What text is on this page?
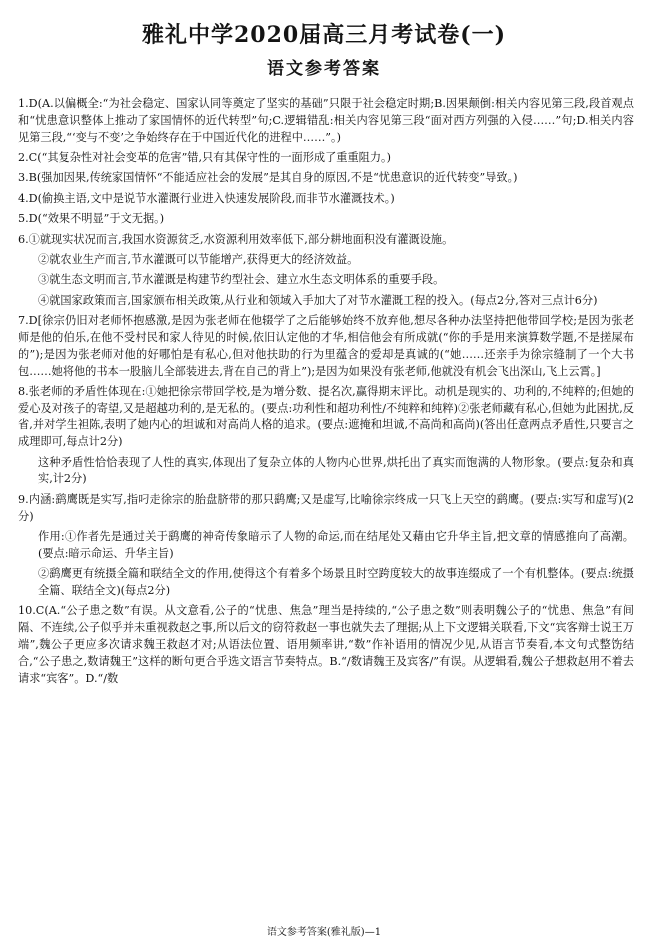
雅礼中学2020届高三月考试卷(一)
语文参考答案

1.D(A.以偏概全:“为社会稳定、国家认同等奠定了坚实的基础”只限于社会稳定时期;B.因果颠倒:相关内容见第三段,段首观点和“忧患意识整体上推动了家国情怀的近代转型”句;C.逻辑错乱:相关内容见第三段“面对西方列强的入侵……”句;D.相关内容见第三段,“‘变与不变’之争始终存在于中国近代化的进程中……”。)

2.C(“其复杂性对社会变革的危害”错,只有其保守性的一面形成了重重阻力。)

3.B(强加因果,传统家国情怀“不能适应社会的发展”是其自身的原因,不是“忧患意识的近代转变”导致。)

4.D(偷换主语,文中是说节水灌溉行业进入快速发展阶段,而非节水灌溉技术。)

5.D(“效果不明显”于文无据。)

6.①就现实状况而言,我国水资源贫乏,水资源利用效率低下,部分耕地面积没有灌溉设施。

②就农业生产而言,节水灌溉可以节能增产,获得更大的经济效益。

③就生态文明而言,节水灌溉是构建节约型社会、建立水生态文明体系的重要手段。

④就国家政策而言,国家颁布相关政策,从行业和领域入手加大了对节水灌溉工程的投入。(每点2分,答对三点计6分)

7.D[徐宗仍旧对老师怀抱感激,是因为张老师在他辍学了之后能够始终不放弃他,想尽各种办法坚持把他带回学校;是因为张老师是他的伯乐,在他不受村民和家人待见的时候,依旧认定他的才华,相信他会有所成就(“你的手是用来演算数学题,不是搓屎布的”);是因为张老师对他的好哪怕是有私心,但对他扶助的行为里蕴含的爱却是真诚的(“她……还亲手为徐宗缝制了一个大书包……她将他的书本一股脑儿全部装进去,背在自己的背上”);是因为如果没有张老师,他就没有机会飞出深山,飞上云霄。]

8.张老师的矛盾性体现在:①她把徐宗带回学校,是为增分数、提名次,赢得期末评比。动机是现实的、功利的,不纯粹的;但她的爱心及对孩子的寄望,又是超越功利的,是无私的。(要点:功利性和超功利性/不纯粹和纯粹)②张老师藏有私心,但她为此困扰,反省,并对学生袒陈,表明了她内心的坦诚和对高尚人格的追求。(要点:遮掩和坦诚,不高尚和高尚)(答出任意两点矛盾性,只要言之成理即可,每点计2分)

这种矛盾性恰恰表现了人性的真实,体现出了复杂立体的人物内心世界,烘托出了真实而饱满的人物形象。(要点:复杂和真实,计2分)

9.内涵:鹞鹰既是实写,指叼走徐宗的胎盘脐带的那只鹞鹰;又是虚写,比喻徐宗终成一只飞上天空的鹞鹰。(要点:实写和虚写)(2分)

作用:①作者先是通过关于鹞鹰的神奇传象暗示了人物的命运,而在结尾处又藉由它升华主旨,把文章的情感推向了高潮。(要点:暗示命运、升华主旨)

②鹞鹰更有统摄全篇和联结全文的作用,使得这个有着多个场景且时空跨度较大的故事连缀成了一个有机整体。(要点:统摄全篇、联结全文)(每点2分)

10.C(A.“公子患之数”有误。从文意看,公子的“忧患、焦急”理当是持续的,“公子患之数”则表明魏公子的“忧患、焦急”有间隔、不连续,公子似乎并未重视救赵之事,所以后文的窃符救赵一事也就失去了理据;从上下文逻辑关联看,下文“宾客辩士说王万端”,魏公子更应多次请求魏王救赵才对;从语法位置、语用频率讲,“数”作补语用的情况少见,从语言节奏看,本文句式整饬结合,“公子患之,数请魏王”这样的断句更合乎选文语言节奏特点。B.“/数请魏王及宾客/”有误。从逻辑看,魏公子想救赵用不着去请求“宾客”。D.“/数

语文参考答案(雅礼版)—1
